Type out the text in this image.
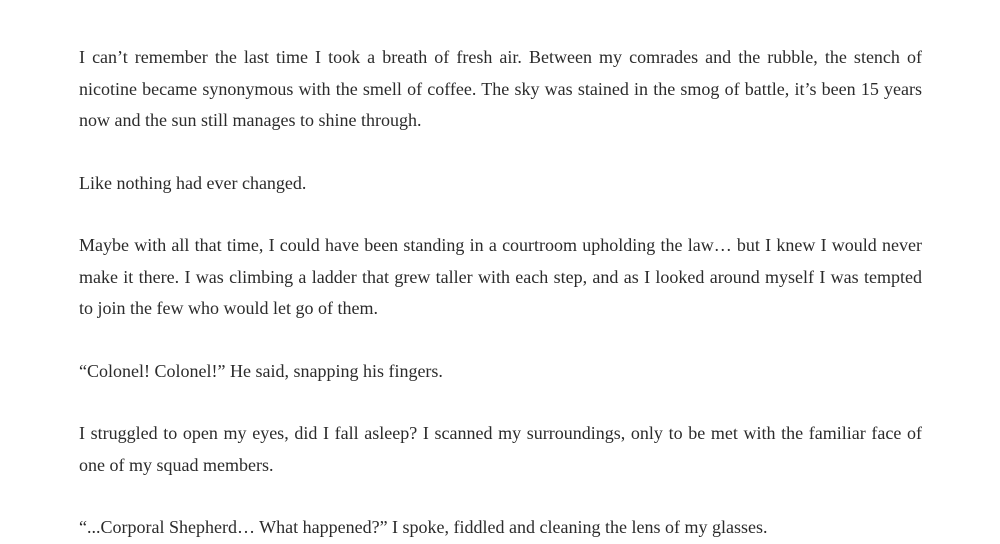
I can’t remember the last time I took a breath of fresh air. Between my comrades and the rubble, the stench of nicotine became synonymous with the smell of coffee. The sky was stained in the smog of battle, it’s been 15 years now and the sun still manages to shine through.

Like nothing had ever changed.

Maybe with all that time, I could have been standing in a courtroom upholding the law… but I knew I would never make it there. I was climbing a ladder that grew taller with each step, and as I looked around myself I was tempted to join the few who would let go of them.

“Colonel! Colonel!” He said, snapping his fingers.

I struggled to open my eyes, did I fall asleep? I scanned my surroundings, only to be met with the familiar face of one of my squad members.

“...Corporal Shepherd… What happened?” I spoke, fiddled and cleaning the lens of my glasses.
